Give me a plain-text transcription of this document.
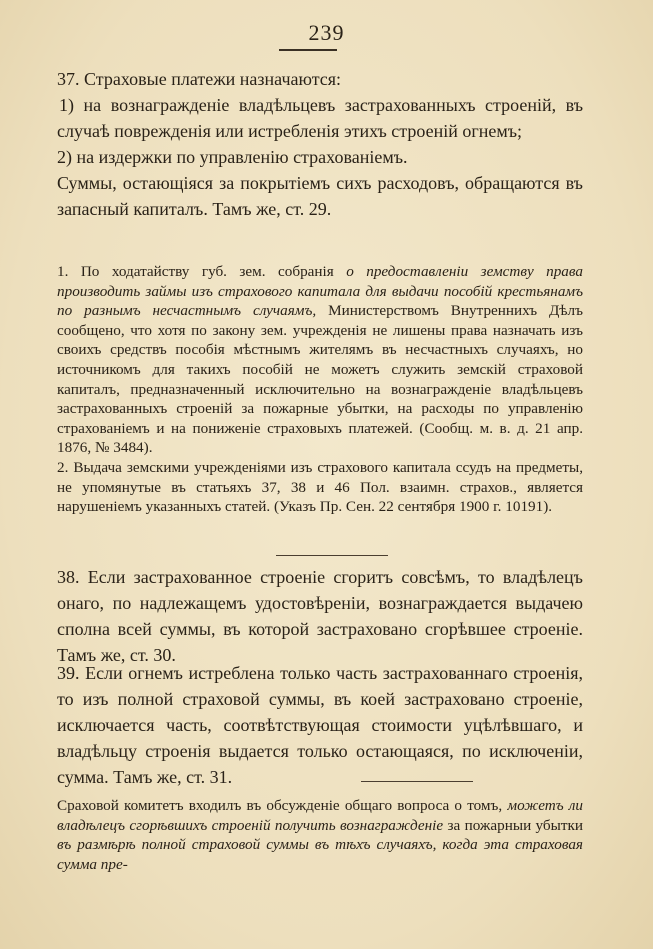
239

37. Страховые платежи назначаются:

1) на вознагражденіе владѣльцевъ застрахованныхъ строеній, въ случаѣ поврежденія или истребленія этихъ строеній огнемъ;

2) на издержки по управленію страхованіемъ.

Суммы, остающіяся за покрытіемъ сихъ расходовъ, обращаются въ запасный капиталъ. Тамъ же, ст. 29.

1. По ходатайству губ. зем. собранія о предоставленіи земству права производить займы изъ страхового капитала для выдачи пособій крестьянамъ по разнымъ несчастнымъ случаямъ, Министерствомъ Внутреннихъ Дѣлъ сообщено, что хотя по закону зем. учрежденія не лишены права назначать изъ своихъ средствъ пособія мѣстнымъ жителямъ въ несчастныхъ случаяхъ, но источникомъ для такихъ пособій не можетъ служить земскій страховой капиталъ, предназначенный исключительно на вознагражденіе владѣльцевъ застрахованныхъ строеній за пожарные убытки, на расходы по управленію страхованіемъ и на пониженіе страховыхъ платежей. (Сообщ. м. в. д. 21 апр. 1876, № 3484).

2. Выдача земскими учрежденіями изъ страхового капитала ссудъ на предметы, не упомянутые въ статьяхъ 37, 38 и 46 Пол. взаимн. страхов., является нарушеніемъ указанныхъ статей. (Указъ Пр. Сен. 22 сентября 1900 г. 10191).

38. Если застрахованное строеніе сгоритъ совсѣмъ, то владѣлецъ онаго, по надлежащемъ удостовѣреніи, вознаграждается выдачею сполна всей суммы, въ которой застраховано сгорѣвшее строеніе. Тамъ же, ст. 30.

39. Если огнемъ истреблена только часть застрахованнаго строенія, то изъ полной страховой суммы, въ коей застраховано строеніе, исключается часть, соотвѣтствующая стоимости уцѣлѣвшаго, и владѣльцу строенія выдается только остающаяся, по исключеніи, сумма. Тамъ же, ст. 31.

Сраховой комитетъ входилъ въ обсужденіе общаго вопроса о томъ, можетъ ли владѣлецъ сгорѣвшихъ строеній получить вознагражденіе за пожарныи убытки въ размѣрѣ полной страховой суммы въ тѣхъ случаяхъ, когда эта страховая сумма пре-
